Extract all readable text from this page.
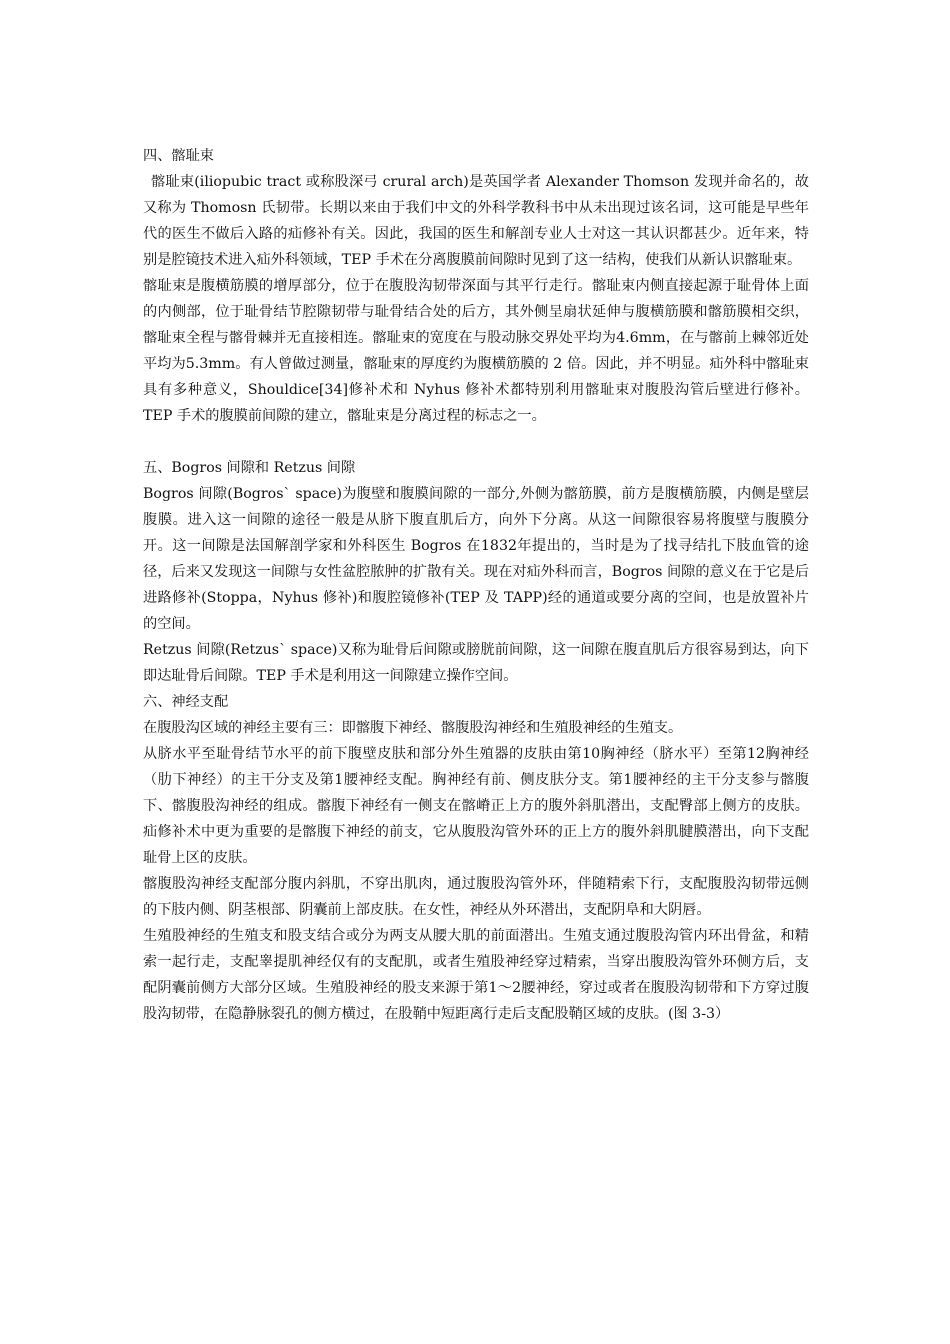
四、髂耻束

髂耻束(iliopubic tract 或称股深弓 crural arch)是英国学者 Alexander Thomson 发现并命名的，故又称为 Thomosn 氏韧带。长期以来由于我们中文的外科学教科书中从未出现过该名词，这可能是早些年代的医生不做后入路的疝修补有关。因此，我国的医生和解剖专业人士对这一其认识都甚少。近年来，特别是腔镜技术进入疝外科领域，TEP 手术在分离腹膜前间隙时见到了这一结构，使我们从新认识髂耻束。

髂耻束是腹横筋膜的增厚部分，位于在腹股沟韧带深面与其平行走行。髂耻束内侧直接起源于耻骨体上面的内侧部，位于耻骨结节腔隙韧带与耻骨结合处的后方，其外侧呈扇状延伸与腹横筋膜和髂筋膜相交织，髂耻束全程与髂骨棘并无直接相连。髂耻束的宽度在与股动脉交界处平均为4.6mm，在与髂前上棘邻近处平均为5.3mm。有人曾做过测量，髂耻束的厚度约为腹横筋膜的 2 倍。因此，并不明显。疝外科中髂耻束具有多种意义，Shouldice[34]修补术和 Nyhus 修补术都特别利用髂耻束对腹股沟管后壁进行修补。TEP 手术的腹膜前间隙的建立，髂耻束是分离过程的标志之一。

五、Bogros 间隙和 Retzus 间隙

Bogros 间隙(Bogros` space)为腹壁和腹膜间隙的一部分,外侧为髂筋膜，前方是腹横筋膜，内侧是壁层腹膜。进入这一间隙的途径一般是从脐下腹直肌后方，向外下分离。从这一间隙很容易将腹壁与腹膜分开。这一间隙是法国解剖学家和外科医生 Bogros 在1832年提出的，当时是为了找寻结扎下肢血管的途径，后来又发现这一间隙与女性盆腔脓肿的扩散有关。现在对疝外科而言，Bogros 间隙的意义在于它是后进路修补(Stoppa，Nyhus 修补)和腹腔镜修补(TEP 及 TAPP)经的通道或要分离的空间，也是放置补片的空间。

Retzus 间隙(Retzus` space)又称为耻骨后间隙或膀胱前间隙，这一间隙在腹直肌后方很容易到达，向下即达耻骨后间隙。TEP 手术是利用这一间隙建立操作空间。

六、神经支配

在腹股沟区域的神经主要有三：即髂腹下神经、髂腹股沟神经和生殖股神经的生殖支。

从脐水平至耻骨结节水平的前下腹壁皮肤和部分外生殖器的皮肤由第10胸神经（脐水平）至第12胸神经（肋下神经）的主干分支及第1腰神经支配。胸神经有前、侧皮肤分支。第1腰神经的主干分支参与髂腹下、髂腹股沟神经的组成。髂腹下神经有一侧支在髂嵴正上方的腹外斜肌潜出，支配臀部上侧方的皮肤。疝修补术中更为重要的是髂腹下神经的前支，它从腹股沟管外环的正上方的腹外斜肌腱膜潜出，向下支配耻骨上区的皮肤。

髂腹股沟神经支配部分腹内斜肌，不穿出肌肉，通过腹股沟管外环，伴随精索下行，支配腹股沟韧带远侧的下肢内侧、阴茎根部、阴囊前上部皮肤。在女性，神经从外环潜出，支配阴阜和大阴唇。

生殖股神经的生殖支和股支结合或分为两支从腰大肌的前面潜出。生殖支通过腹股沟管内环出骨盆，和精索一起行走，支配睾提肌神经仅有的支配肌，或者生殖股神经穿过精索，当穿出腹股沟管外环侧方后，支配阴囊前侧方大部分区域。生殖股神经的股支来源于第1～2腰神经，穿过或者在腹股沟韧带和下方穿过腹股沟韧带，在隐静脉裂孔的侧方横过，在股鞘中短距离行走后支配股鞘区域的皮肤。(图 3-3）
